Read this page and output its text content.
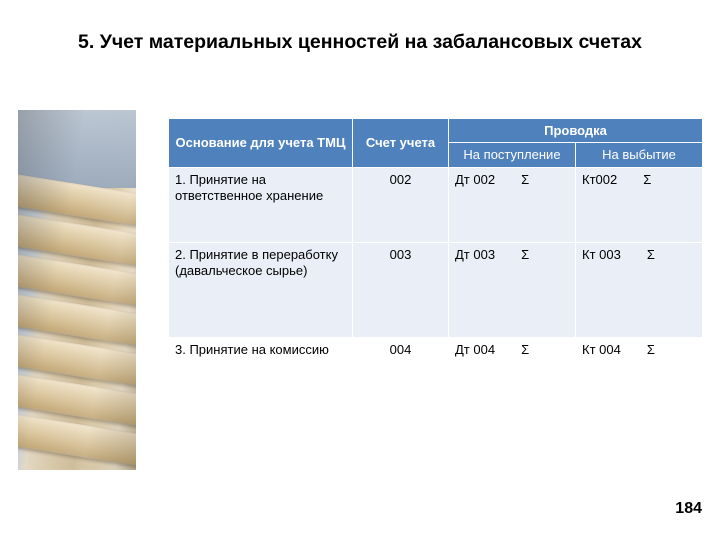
5. Учет материальных ценностей на забалансовых счетах
Основание для учета ТМЦ	Счет учета	Проводка	
		На поступление	На выбытие
1. Принятие на ответственное хранение	002	Дт 002 Σ	Кт002 Σ
2. Принятие в переработку (давальческое сырье)	003	Дт 003 Σ	Кт 003 Σ
3. Принятие на комиссию	004	Дт 004 Σ	Кт 004 Σ
184
